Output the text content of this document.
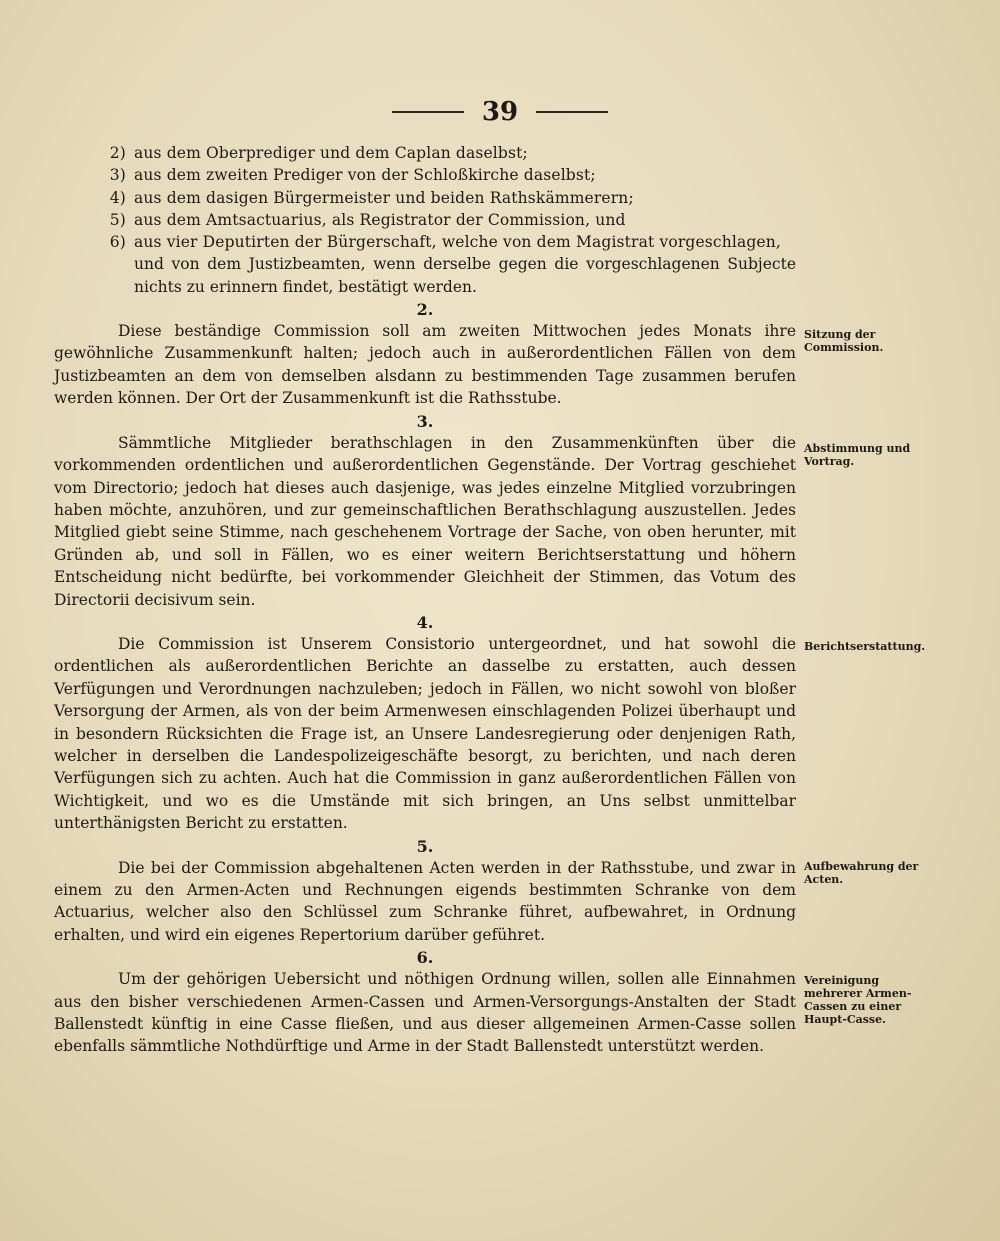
39
2) aus dem Oberprediger und dem Caplan daselbst;
3) aus dem zweiten Prediger von der Schloßkirche daselbst;
4) aus dem dasigen Bürgermeister und beiden Rathskämmerern;
5) aus dem Amtsactuarius, als Registrator der Commission, und
6) aus vier Deputirten der Bürgerschaft, welche von dem Magistrat vorgeschlagen,
und von dem Justizbeamten, wenn derselbe gegen die vorgeschlagenen Subjecte nichts zu erinnern findet, bestätigt werden.
2.

Diese beständige Commission soll am zweiten Mittwochen jedes Monats ihre gewöhnliche Zusammenkunft halten; jedoch auch in außerordentlichen Fällen von dem Justizbeamten an dem von demselben alsdann zu bestimmenden Tage zusammen berufen werden können. Der Ort der Zusammenkunft ist die Rathsstube.

3.

Sämmtliche Mitglieder berathschlagen in den Zusammenkünften über die vorkommenden ordentlichen und außerordentlichen Gegenstände. Der Vortrag geschiehet vom Directorio; jedoch hat dieses auch dasjenige, was jedes einzelne Mitglied vorzubringen haben möchte, anzuhören, und zur gemeinschaftlichen Berathschlagung auszustellen. Jedes Mitglied giebt seine Stimme, nach geschehenem Vortrage der Sache, von oben herunter, mit Gründen ab, und soll in Fällen, wo es einer weitern Berichtserstattung und höhern Entscheidung nicht bedürfte, bei vorkommender Gleichheit der Stimmen, das Votum des Directorii decisivum sein.

4.

Die Commission ist Unserem Consistorio untergeordnet, und hat sowohl die ordentlichen als außerordentlichen Berichte an dasselbe zu erstatten, auch dessen Verfügungen und Verordnungen nachzuleben; jedoch in Fällen, wo nicht sowohl von bloßer Versorgung der Armen, als von der beim Armenwesen einschlagenden Polizei überhaupt und in besondern Rücksichten die Frage ist, an Unsere Landesregierung oder denjenigen Rath, welcher in derselben die Landespolizeigeschäfte besorgt, zu berichten, und nach deren Verfügungen sich zu achten. Auch hat die Commission in ganz außerordentlichen Fällen von Wichtigkeit, und wo es die Umstände mit sich bringen, an Uns selbst unmittelbar unterthänigsten Bericht zu erstatten.

5.

Die bei der Commission abgehaltenen Acten werden in der Rathsstube, und zwar in einem zu den Armen-Acten und Rechnungen eigends bestimmten Schranke von dem Actuarius, welcher also den Schlüssel zum Schranke führet, aufbewahret, in Ordnung erhalten, und wird ein eigenes Repertorium darüber geführet.

6.

Um der gehörigen Uebersicht und nöthigen Ordnung willen, sollen alle Einnahmen aus den bisher verschiedenen Armen-Cassen und Armen-Versorgungs-Anstalten der Stadt Ballenstedt künftig in eine Casse fließen, und aus dieser allgemeinen Armen-Casse sollen ebenfalls sämmtliche Nothdürftige und Arme in der Stadt Ballenstedt unterstützt werden.

Sitzung der Commission.
Abstimmung und Vortrag.
Berichtserstattung.
Aufbewahrung der Acten.
Vereinigung mehrerer Armen-Cassen zu einer Haupt-Casse.
